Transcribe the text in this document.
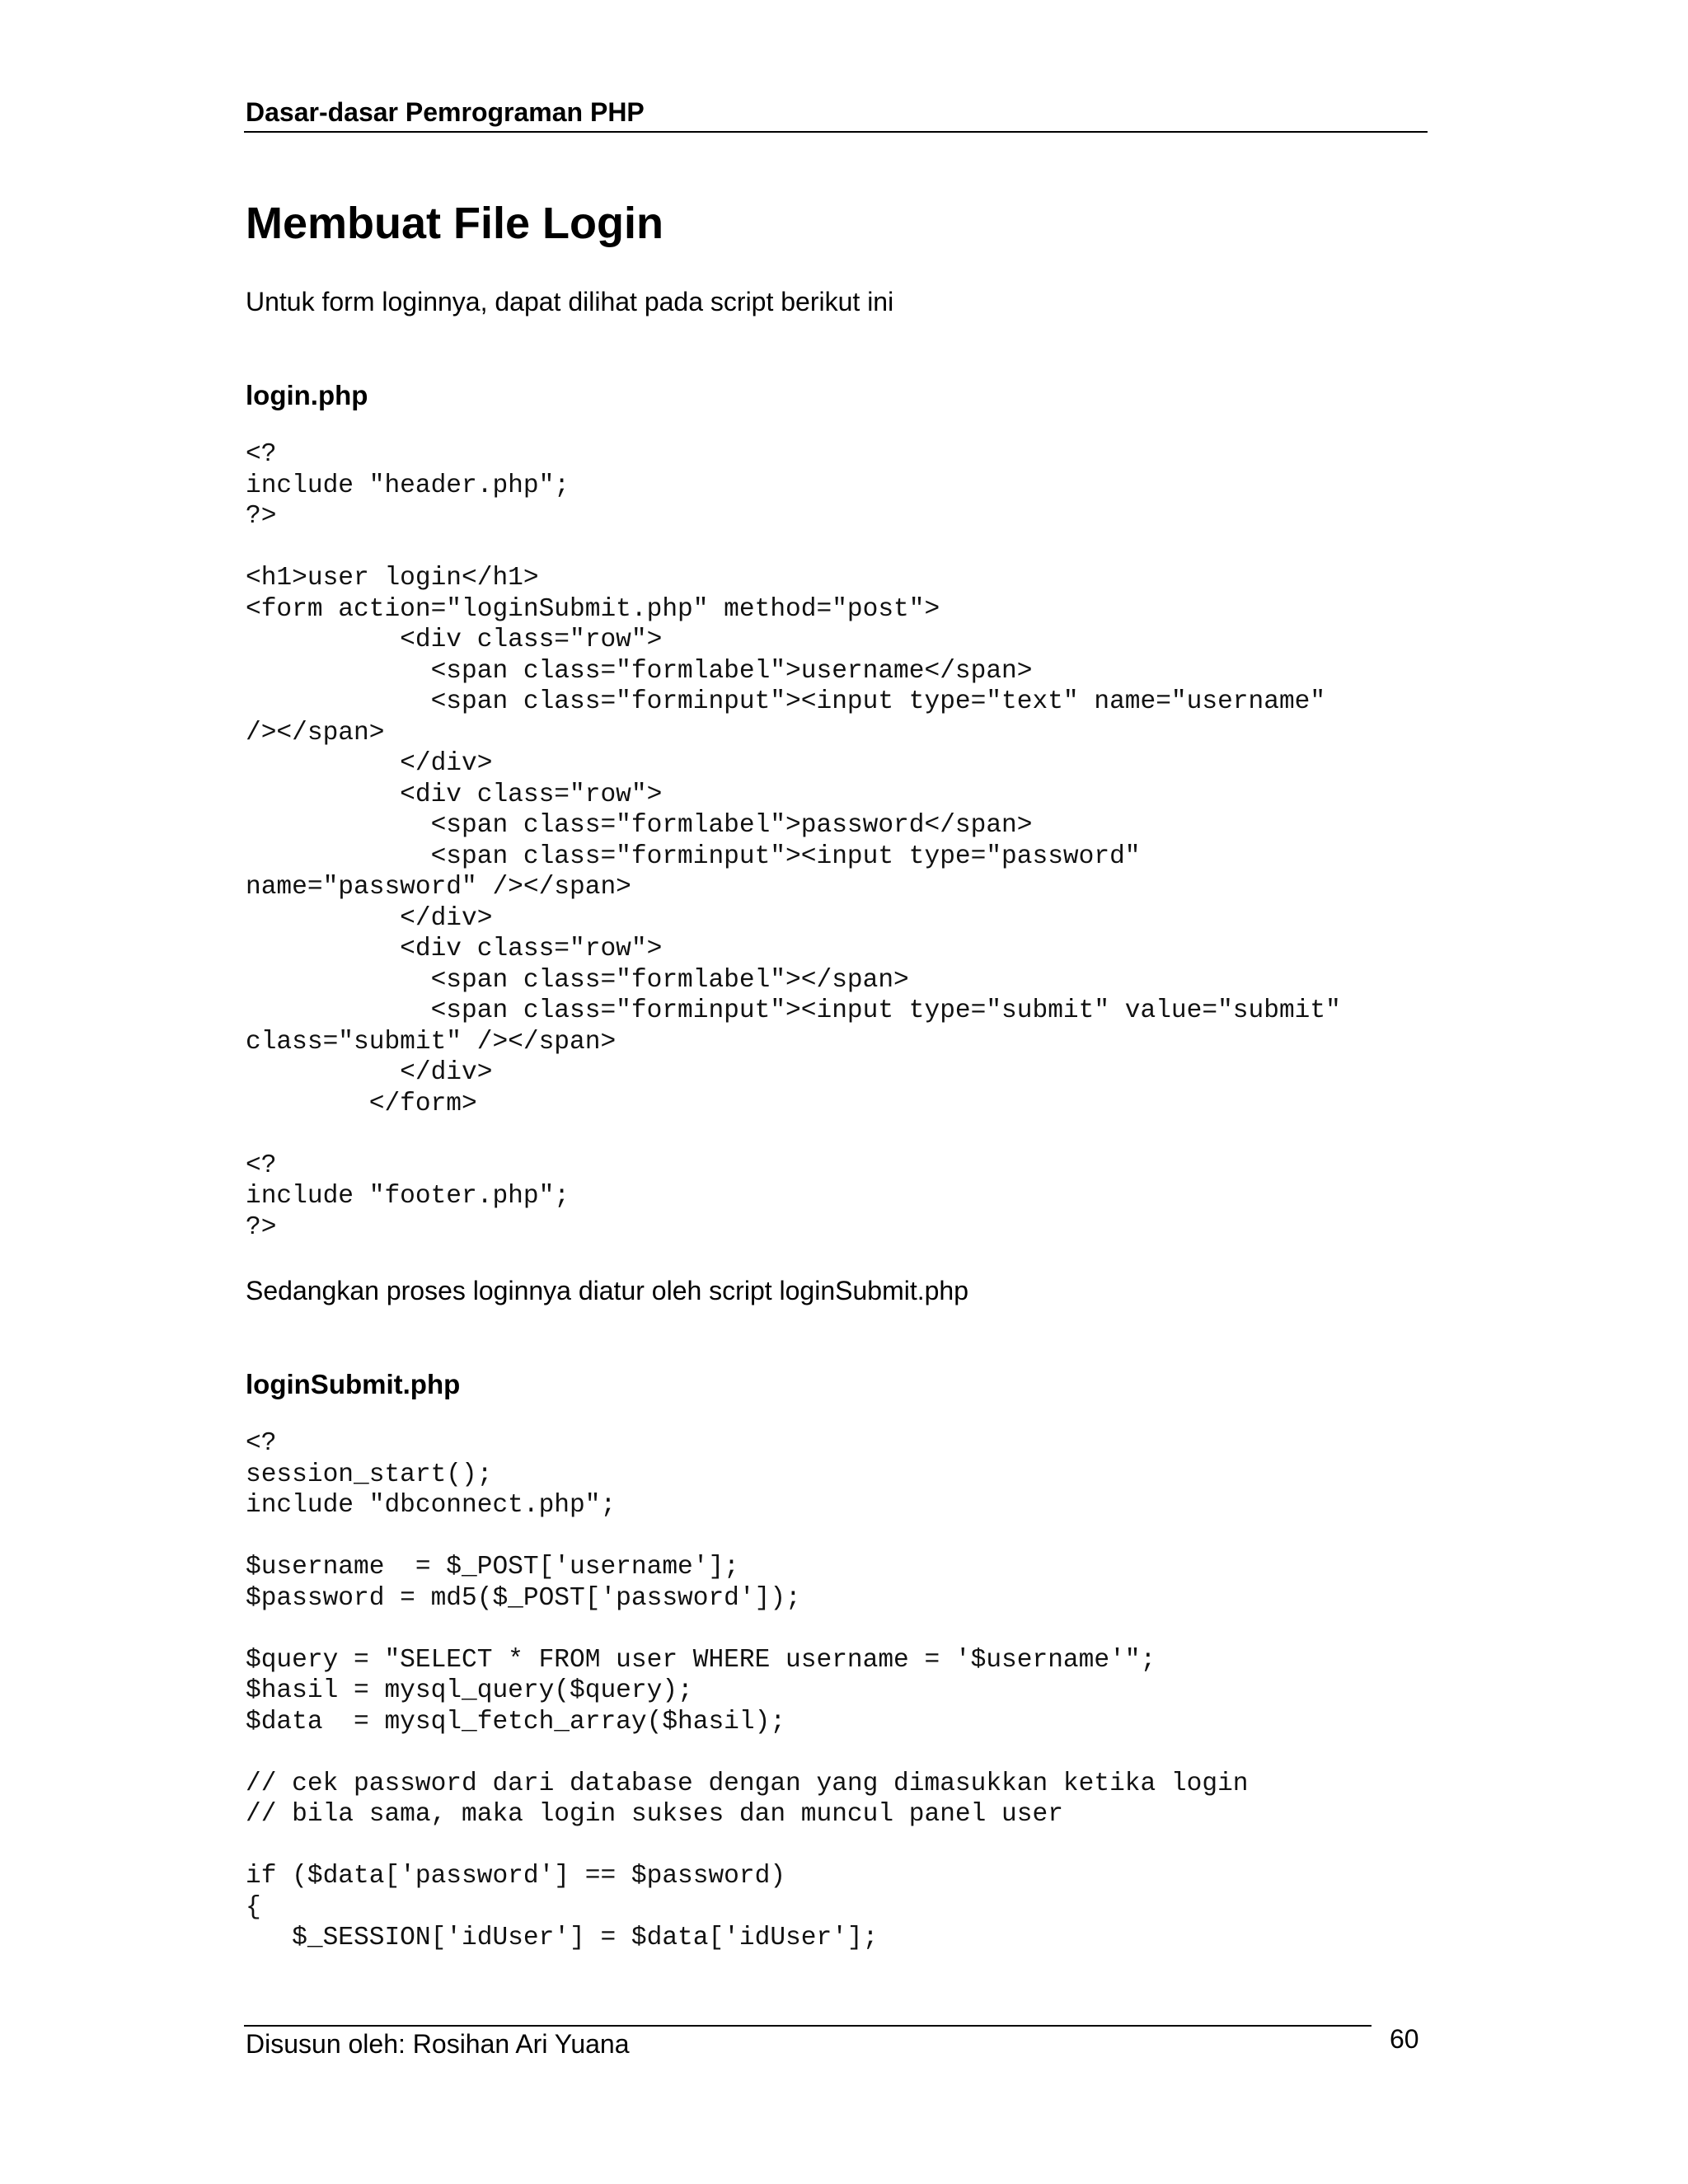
Dasar-dasar Pemrograman PHP
Membuat File Login

Untuk form loginnya, dapat dilihat pada script berikut ini

login.php
<?
include "header.php";
?>

<h1>user login</h1>
<form action="loginSubmit.php" method="post">
<div class="row">
<span class="formlabel">username</span>
<span class="forminput"><input type="text" name="username"
/></span>
</div>
<div class="row">
<span class="formlabel">password</span>
<span class="forminput"><input type="password"
name="password" /></span>
</div>
<div class="row">
<span class="formlabel"></span>
<span class="forminput"><input type="submit" value="submit"
class="submit" /></span>
</div>
</form>

<?
include "footer.php";
?>

Sedangkan proses loginnya diatur oleh script loginSubmit.php

loginSubmit.php
<?
session_start();
include "dbconnect.php";

$username  = $_POST['username'];
$password = md5($_POST['password']);

$query = "SELECT * FROM user WHERE username = '$username'";
$hasil = mysql_query($query);
$data  = mysql_fetch_array($hasil);

// cek password dari database dengan yang dimasukkan ketika login
// bila sama, maka login sukses dan muncul panel user

if ($data['password'] == $password)
{
$_SESSION['idUser'] = $data['idUser'];
Disusun oleh: Rosihan Ari Yuana	60
